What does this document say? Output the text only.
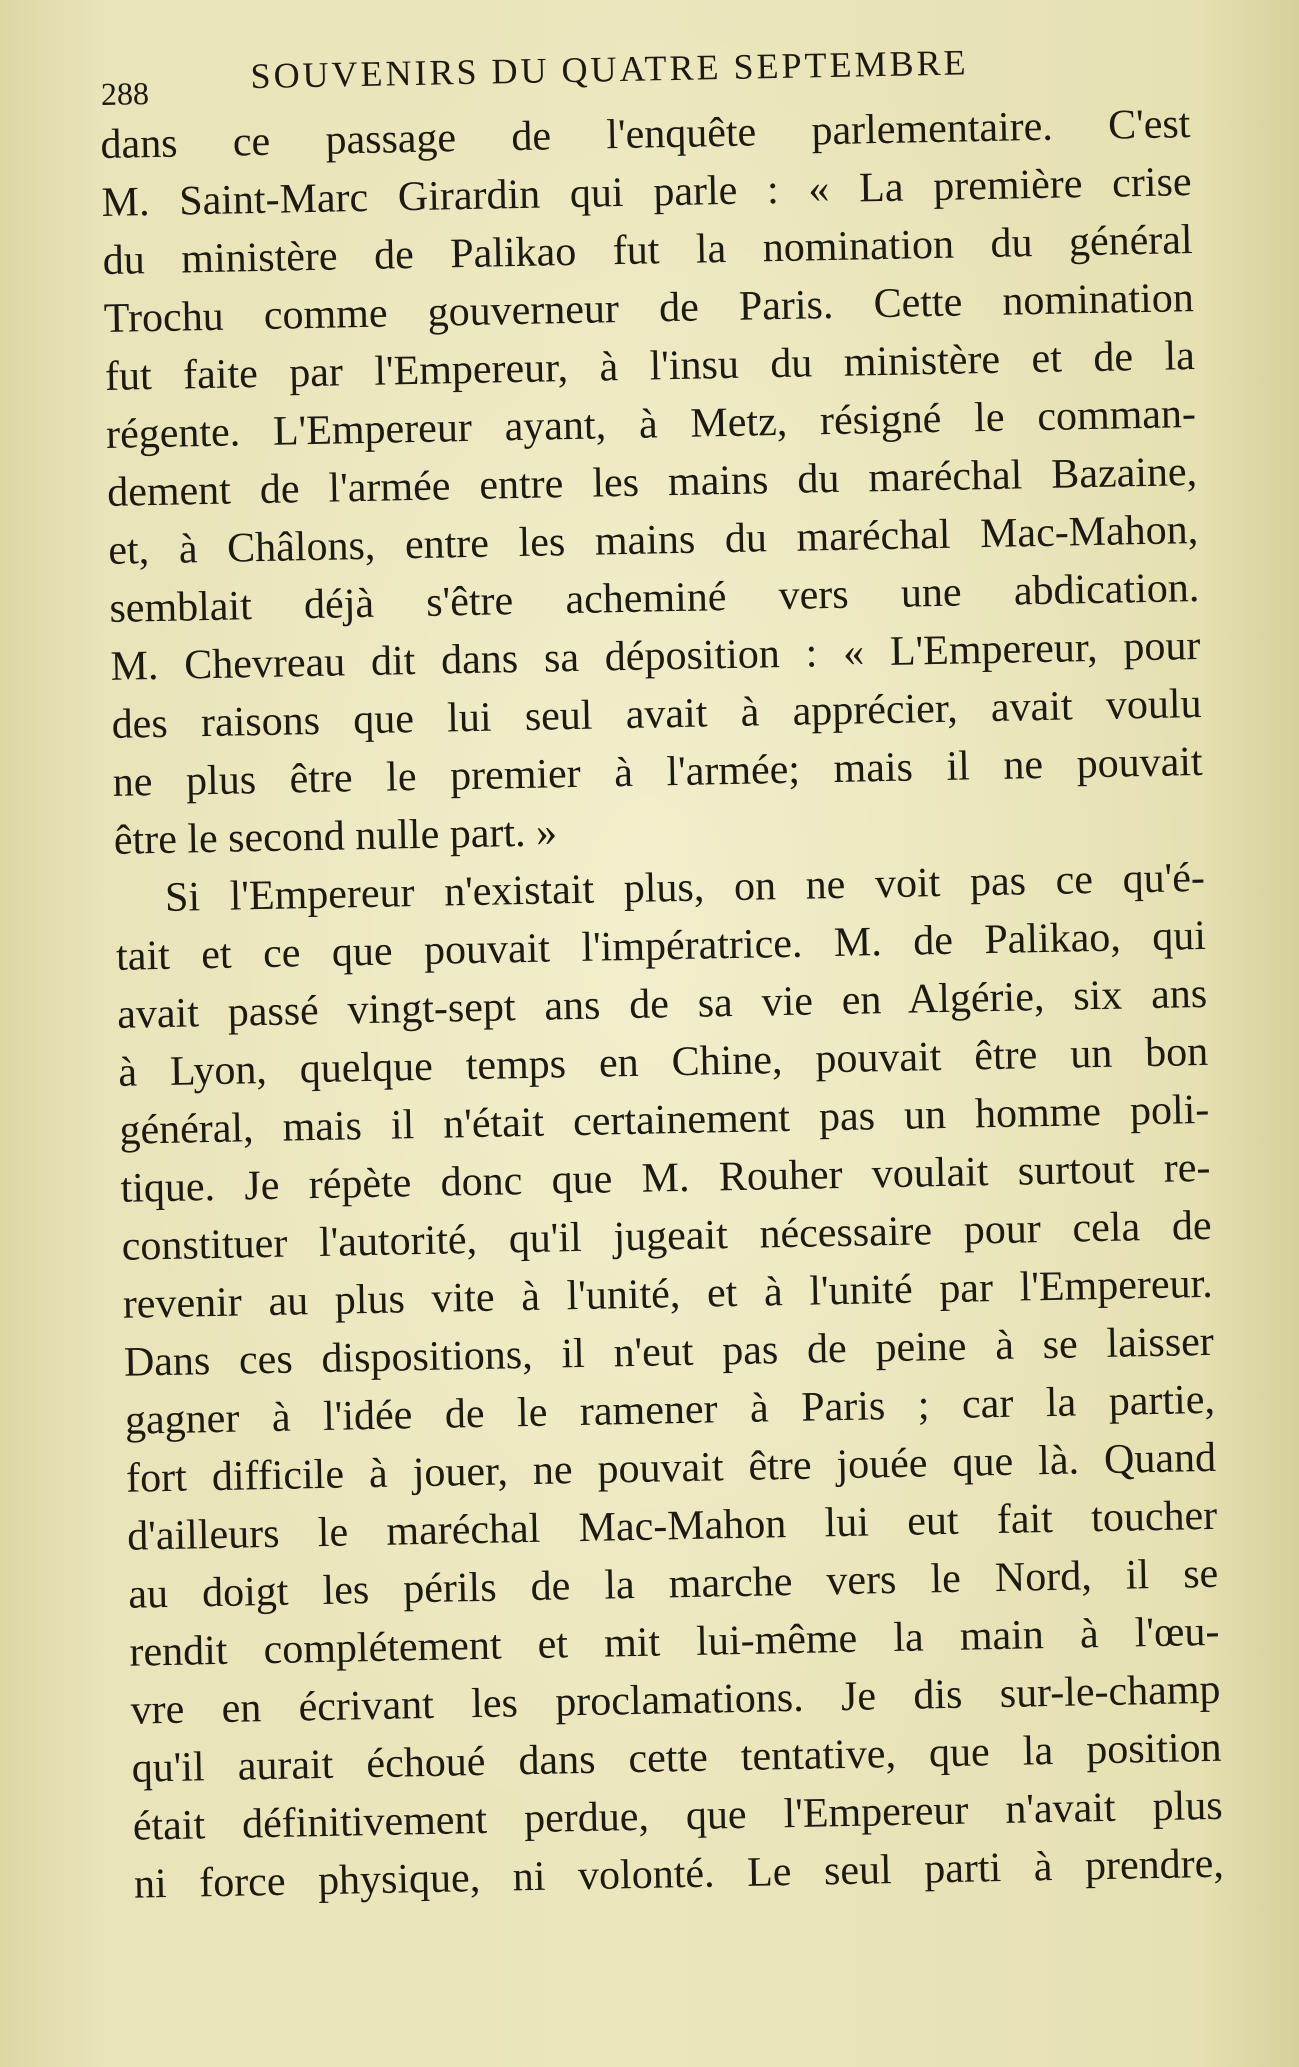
288	SOUVENIRS DU QUATRE SEPTEMBRE
dans ce passage de l'enquête parlementaire. C'est
M. Saint-Marc Girardin qui parle : « La première crise
du ministère de Palikao fut la nomination du général
Trochu comme gouverneur de Paris. Cette nomination
fut faite par l'Empereur, à l'insu du ministère et de la
régente. L'Empereur ayant, à Metz, résigné le comman-
dement de l'armée entre les mains du maréchal Bazaine,
et, à Châlons, entre les mains du maréchal Mac-Mahon,
semblait déjà s'être acheminé vers une abdication.
M. Chevreau dit dans sa déposition : « L'Empereur, pour
des raisons que lui seul avait à apprécier, avait voulu
ne plus être le premier à l'armée; mais il ne pouvait
être le second nulle part. »
Si l'Empereur n'existait plus, on ne voit pas ce qu'é-
tait et ce que pouvait l'impératrice. M. de Palikao, qui
avait passé vingt-sept ans de sa vie en Algérie, six ans
à Lyon, quelque temps en Chine, pouvait être un bon
général, mais il n'était certainement pas un homme poli-
tique. Je répète donc que M. Rouher voulait surtout re-
constituer l'autorité, qu'il jugeait nécessaire pour cela de
revenir au plus vite à l'unité, et à l'unité par l'Empereur.
Dans ces dispositions, il n'eut pas de peine à se laisser
gagner à l'idée de le ramener à Paris ; car la partie,
fort difficile à jouer, ne pouvait être jouée que là. Quand
d'ailleurs le maréchal Mac-Mahon lui eut fait toucher
au doigt les périls de la marche vers le Nord, il se
rendit complétement et mit lui-même la main à l'œu-
vre en écrivant les proclamations. Je dis sur-le-champ
qu'il aurait échoué dans cette tentative, que la position
était définitivement perdue, que l'Empereur n'avait plus
ni force physique, ni volonté. Le seul parti à prendre,
